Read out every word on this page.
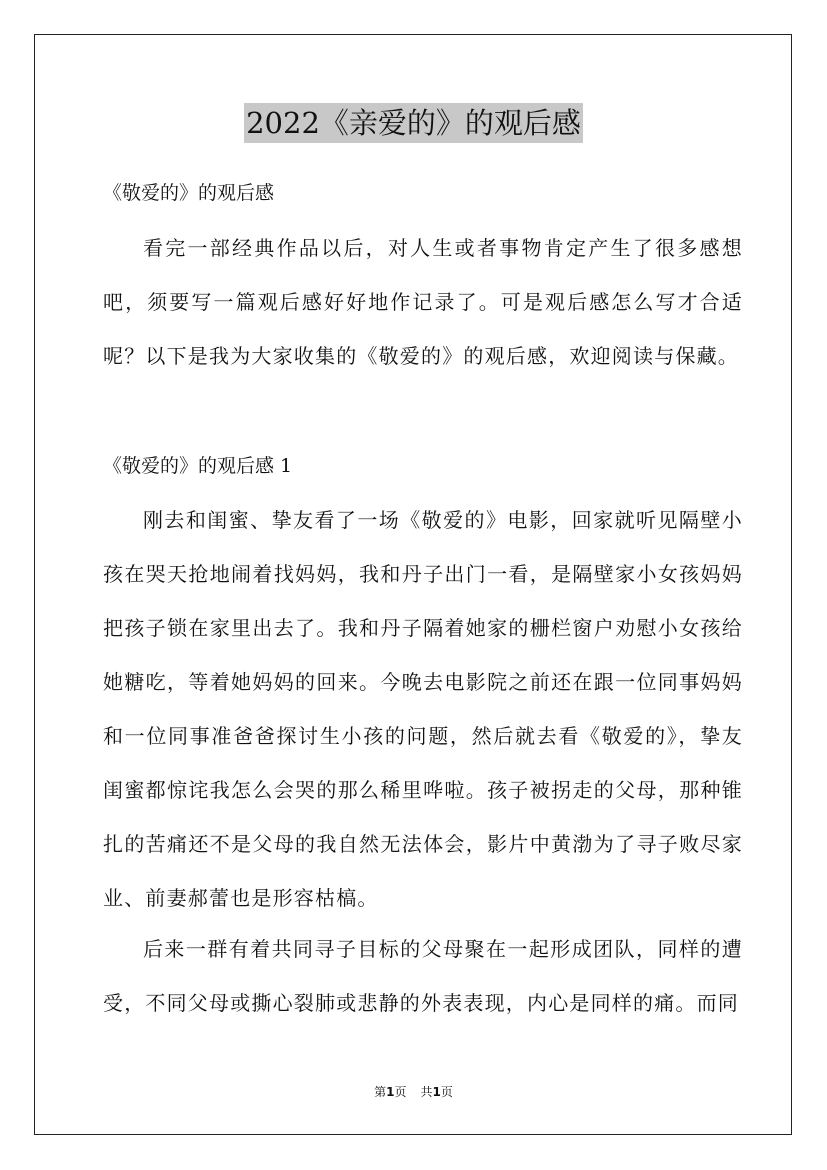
2022《亲爱的》的观后感

《敬爱的》的观后感

看完一部经典作品以后，对人生或者事物肯定产生了很多感想吧，须要写一篇观后感好好地作记录了。可是观后感怎么写才合适呢？以下是我为大家收集的《敬爱的》的观后感，欢迎阅读与保藏。

《敬爱的》的观后感 1

刚去和闺蜜、挚友看了一场《敬爱的》电影，回家就听见隔壁小孩在哭天抢地闹着找妈妈，我和丹子出门一看，是隔壁家小女孩妈妈把孩子锁在家里出去了。我和丹子隔着她家的栅栏窗户劝慰小女孩给她糖吃，等着她妈妈的回来。今晚去电影院之前还在跟一位同事妈妈和一位同事准爸爸探讨生小孩的问题，然后就去看《敬爱的》，挚友闺蜜都惊诧我怎么会哭的那么稀里哗啦。孩子被拐走的父母，那种锥扎的苦痛还不是父母的我自然无法体会，影片中黄渤为了寻子败尽家业、前妻郝蕾也是形容枯槁。

后来一群有着共同寻子目标的父母聚在一起形成团队，同样的遭受，不同父母或撕心裂肺或悲静的外表表现，内心是同样的痛。而同

第1页 共1页
